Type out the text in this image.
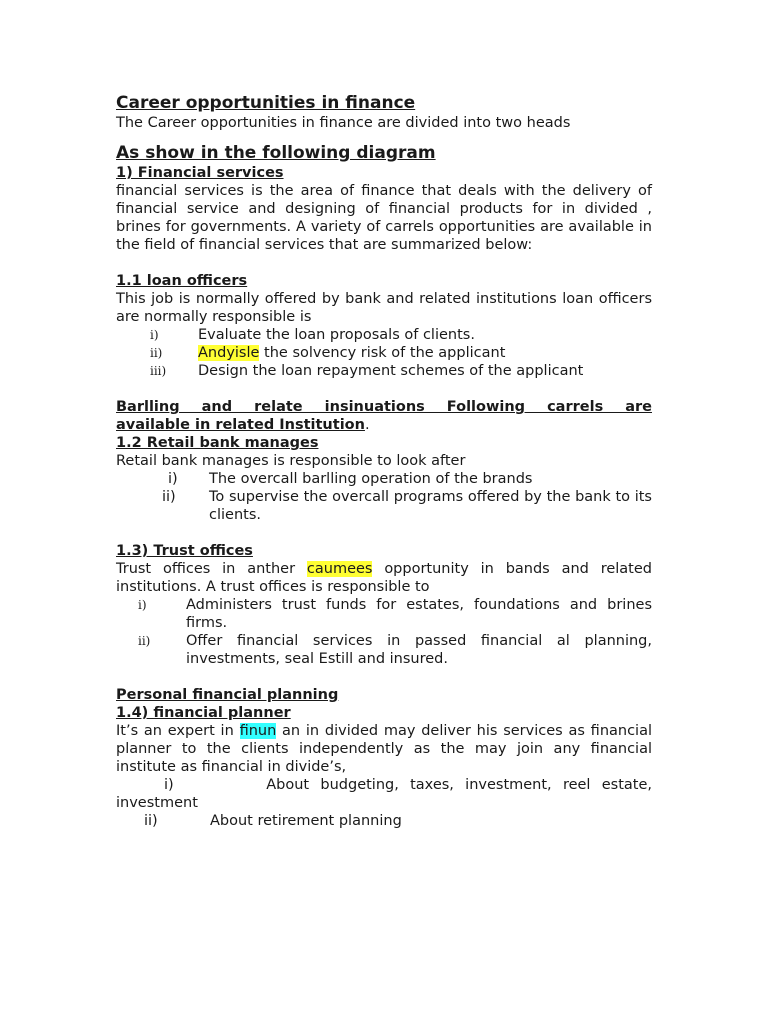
Career opportunities in finance
The Career opportunities in finance are divided into two heads
As show in the following diagram
1) Financial services
financial services is the area of finance that deals with the delivery of financial service and designing of financial products for in divided , brines for governments. A variety of carrels opportunities are available in the field of financial services that are summarized below:
1.1 loan officers
This job is normally offered by bank and related institutions loan officers are normally responsible is
i)	Evaluate the loan proposals of clients.
ii) Andyisle the solvency risk of the applicant
iii) Design the loan repayment schemes of the applicant
Barlling and relate insinuations Following carrels are
available in related Institution.
1.2 Retail bank manages
Retail bank manages is responsible to look after
i) The overcall barlling operation of the brands
ii) To supervise the overcall programs offered by the bank to its clients.
1.3) Trust offices
Trust offices in anther caumees opportunity in bands and related institutions. A trust offices is responsible to
i)	Administers trust funds for estates, foundations and brines firms.
ii) Offer financial services in passed financial al planning, investments, seal Estill and insured.
Personal financial planning
1.4) financial planner
It’s an expert in finun an in divided may deliver his services as financial planner to the clients independently as the may join any financial institute as financial in divide’s,
i)	About budgeting, taxes, investment, reel estate,
investment
ii)	About retirement planning
